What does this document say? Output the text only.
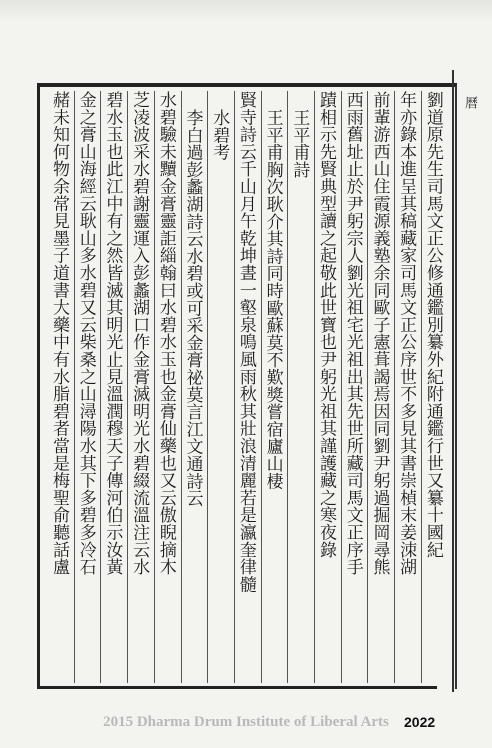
曆
劉道原先生司馬文正公修通鑑別纂外紀附通鑑行世又纂十國紀
年亦錄本進呈其稿藏家司馬文正公序世不多見其書崇楨末姜洓湖
前輩游西山住霞源義塾余同歐子憲葺謁焉因同劉尹躬過掘岡尋熊
西雨舊址止於尹躬宗人劉光祖宅光祖出其先世所藏司馬文正序手
蹟相示先賢典型讀之起敬此世寶也尹躬光祖其謹護藏之寒夜錄
王平甫詩
王平甫胸次耿介其詩同時歐蘇莫不歎獎嘗宿廬山棲
賢寺詩云千山月午乾坤晝一壑泉鳴風雨秋其壯浪清麗若是瀛奎律髓
水碧考
李白過彭蠡湖詩云水碧或可采金膏祕莫言江文通詩云
水碧驗未黷金膏靈詎緇翰曰水碧水玉也金膏仙藥也又云傲睨摘木
芝凌波采水碧謝靈運入彭蠡湖口作金膏滅明光水碧綴流溫注云水
碧水玉也此江中有之然皆滅其明光止見溫潤穆天子傳河伯示汝黃
金之膏山海經云耿山多水碧又云柴桑之山潯陽水其下多碧多冷石
赭未知何物余常見墨子道書大藥中有水脂碧者當是梅聖俞聽話盧
2022
2015 Dharma Drum Institute of Liberal Arts
